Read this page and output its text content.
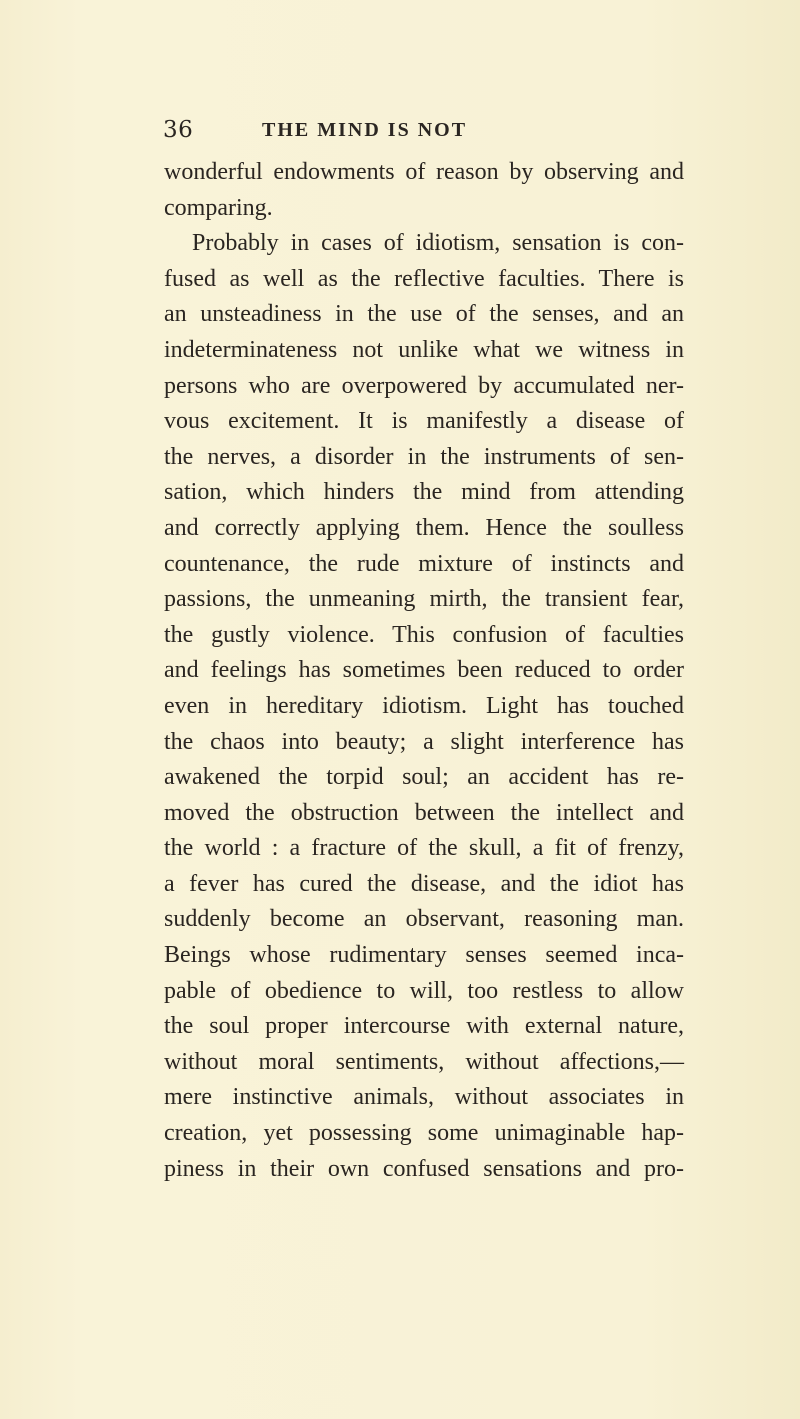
36	THE MIND IS NOT
wonderful endowments of reason by observing and
comparing.
Probably in cases of idiotism, sensation is con-
fused as well as the reflective faculties. There is
an unsteadiness in the use of the senses, and an
indeterminateness not unlike what we witness in
persons who are overpowered by accumulated ner-
vous excitement. It is manifestly a disease of
the nerves, a disorder in the instruments of sen-
sation, which hinders the mind from attending
and correctly applying them. Hence the soulless
countenance, the rude mixture of instincts and
passions, the unmeaning mirth, the transient fear,
the gustly violence. This confusion of faculties
and feelings has sometimes been reduced to order
even in hereditary idiotism. Light has touched
the chaos into beauty; a slight interference has
awakened the torpid soul; an accident has re-
moved the obstruction between the intellect and
the world : a fracture of the skull, a fit of frenzy,
a fever has cured the disease, and the idiot has
suddenly become an observant, reasoning man.
Beings whose rudimentary senses seemed inca-
pable of obedience to will, too restless to allow
the soul proper intercourse with external nature,
without moral sentiments, without affections,—
mere instinctive animals, without associates in
creation, yet possessing some unimaginable hap-
piness in their own confused sensations and pro-
